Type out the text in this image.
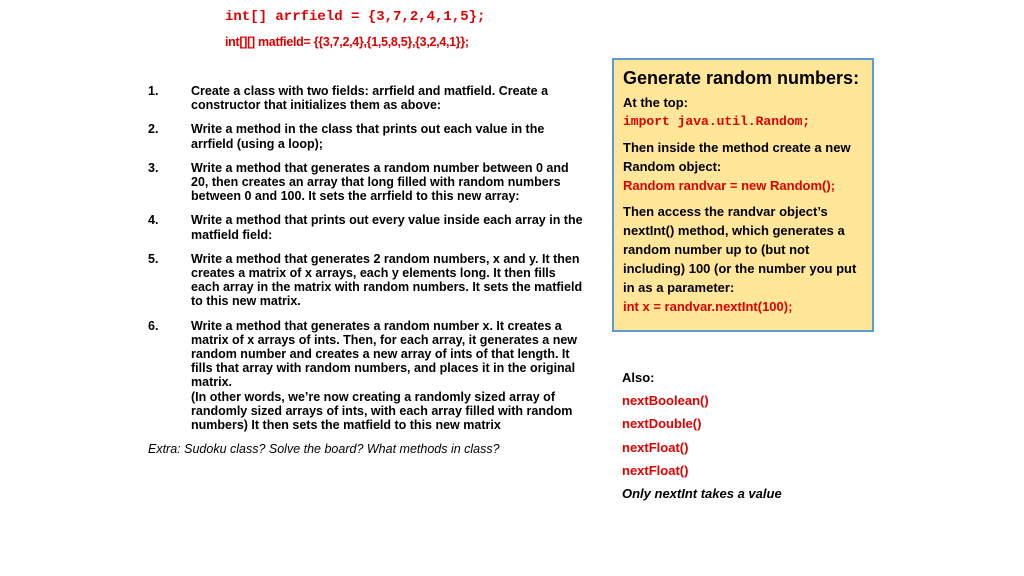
int[] arrfield = {3,7,2,4,1,5};
int[][] matfield= {{3,7,2,4},{1,5,8,5},{3,2,4,1}};
1.	Create a class with two fields: arrfield and matfield. Create a constructor that initializes them as above:
2.	Write a method in the class that prints out each value in the arrfield (using a loop);
3.	Write a method that generates a random number between 0 and 20, then creates an array that long filled with random numbers between 0 and 100. It sets the arrfield to this new array:
4.	Write a method that prints out every value inside each array in the matfield field:
5.	Write a method that generates 2 random numbers, x and y. It then creates a matrix of x arrays, each y elements long. It then fills each array in the matrix with random numbers. It sets the matfield to this new matrix.
6.	Write a method that generates a random number x. It creates a matrix of x arrays of ints. Then, for each array, it generates a new random number and creates a new array of ints of that length. It fills that array with random numbers, and places it in the original matrix.
(In other words, we’re now creating a randomly sized array of randomly sized arrays of ints, with each array filled with random numbers) It then sets the matfield to this new matrix
Extra: Sudoku class? Solve the board? What methods in class?
Generate random numbers:
At the top:
import java.util.Random;
Then inside the method create a new Random object:
Random randvar = new Random();
Then access the randvar object’s nextInt() method, which generates a random number up to (but not including) 100 (or the number you put in as a parameter:
int x = randvar.nextInt(100);
Also:
nextBoolean()
nextDouble()
nextFloat()
nextFloat()
Only nextInt takes a value
